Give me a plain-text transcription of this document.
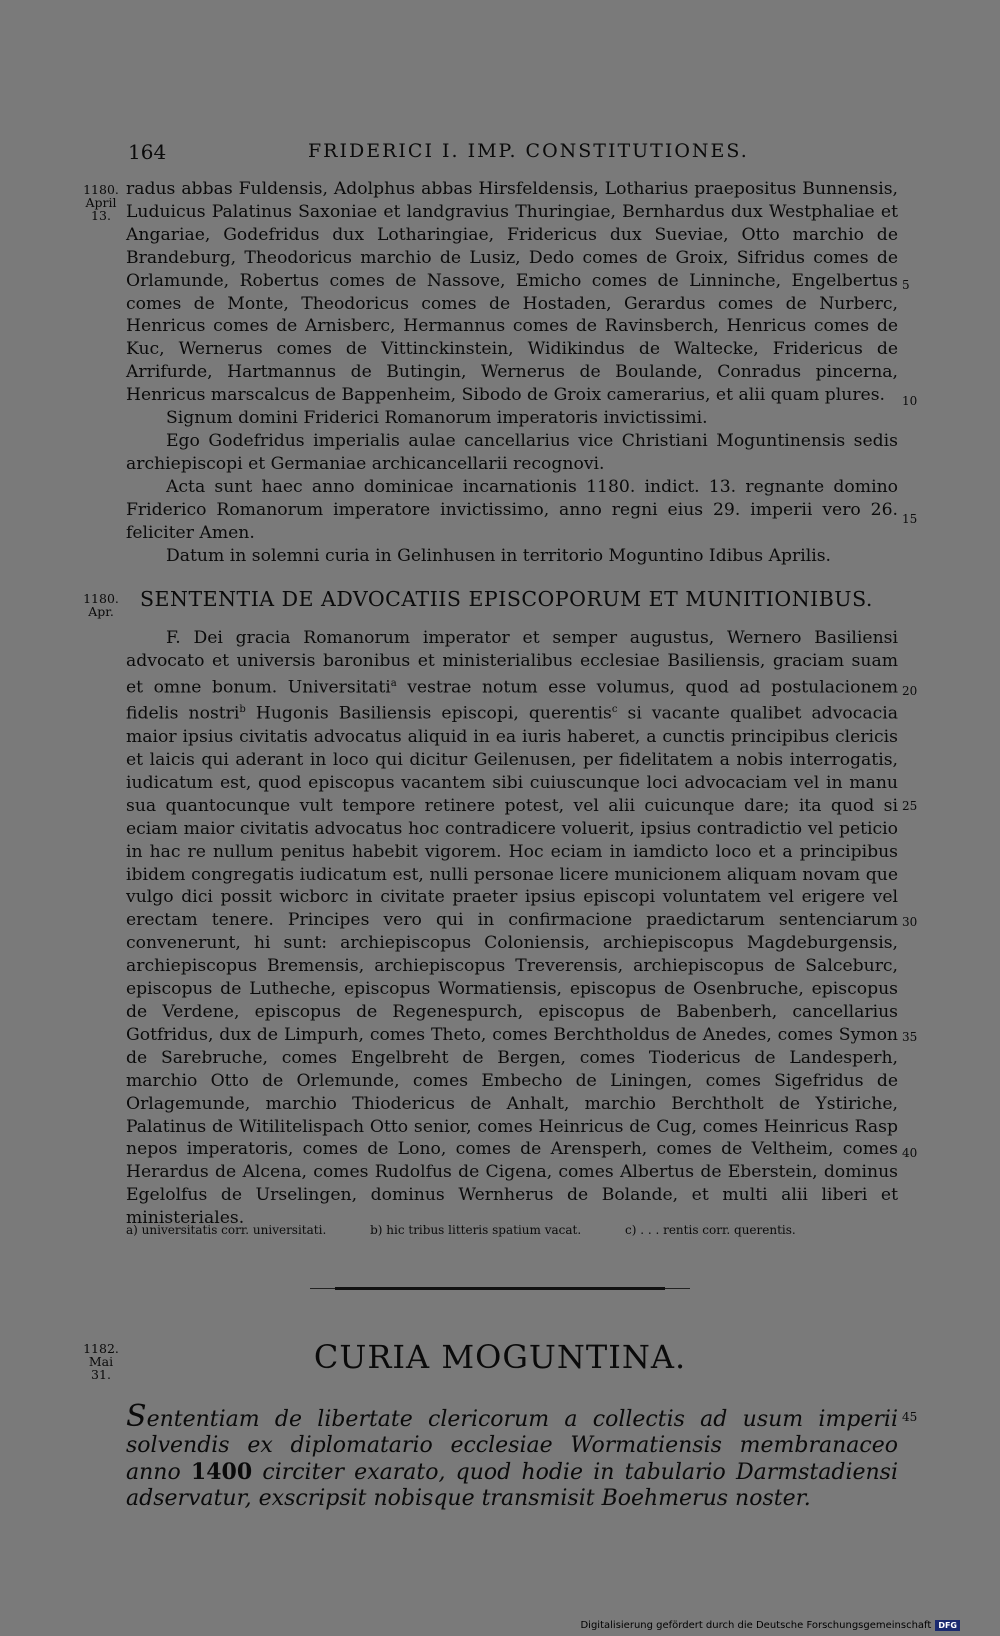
164	FRIDERICI I. IMP. CONSTITUTIONES.
1180.
April
13.
1180.
Apr.
1182.
Mai
31.
5
10
15
20
25
30
35
40
45

radus abbas Fuldensis, Adolphus abbas Hirsfeldensis, Lotharius praepositus Bunnensis, Luduicus Palatinus Saxoniae et landgravius Thuringiae, Bernhardus dux Westphaliae et Angariae, Godefridus dux Lotharingiae, Fridericus dux Sueviae, Otto marchio de Brandeburg, Theodoricus marchio de Lusiz, Dedo comes de Groix, Sifridus comes de Orlamunde, Robertus comes de Nassove, Emicho comes de Linninche, Engelbertus comes de Monte, Theodoricus comes de Hostaden, Gerardus comes de Nurberc, Henricus comes de Arnisberc, Hermannus comes de Ravinsberch, Henricus comes de Kuc, Wernerus comes de Vittinckinstein, Widikindus de Waltecke, Fridericus de Arrifurde, Hartmannus de Butingin, Wernerus de Boulande, Conradus pincerna, Henricus marscalcus de Bappenheim, Sibodo de Groix camerarius, et alii quam plures.

Signum domini Friderici Romanorum imperatoris invictissimi.

Ego Godefridus imperialis aulae cancellarius vice Christiani Moguntinensis sedis archiepiscopi et Germaniae archicancellarii recognovi.

Acta sunt haec anno dominicae incarnationis 1180. indict. 13. regnante domino Friderico Romanorum imperatore invictissimo, anno regni eius 29. imperii vero 26. feliciter Amen.

Datum in solemni curia in Gelinhusen in territorio Moguntino Idibus Aprilis.

SENTENTIA DE ADVOCATIIS EPISCOPORUM ET MUNITIONIBUS.

F. Dei gracia Romanorum imperator et semper augustus, Wernero Basiliensi advocato et universis baronibus et ministerialibus ecclesiae Basiliensis, graciam suam et omne bonum. Universitati$^a$ vestrae notum esse volumus, quod ad postulacionem fidelis nostri$^b$ Hugonis Basiliensis episcopi, querentis$^c$ si vacante qualibet advocacia maior ipsius civitatis advocatus aliquid in ea iuris haberet, a cunctis principibus clericis et laicis qui aderant in loco qui dicitur Geilenusen, per fidelitatem a nobis interrogatis, iudicatum est, quod episcopus vacantem sibi cuiuscunque loci advocaciam vel in manu sua quantocunque vult tempore retinere potest, vel alii cuicunque dare; ita quod si eciam maior civitatis advocatus hoc contradicere voluerit, ipsius contradictio vel peticio in hac re nullum penitus habebit vigorem. Hoc eciam in iamdicto loco et a principibus ibidem congregatis iudicatum est, nulli personae licere municionem aliquam novam que vulgo dici possit wicborc in civitate praeter ipsius episcopi voluntatem vel erigere vel erectam tenere. Principes vero qui in confirmacione praedictarum sentenciarum convenerunt, hi sunt: archiepiscopus Coloniensis, archiepiscopus Magdeburgensis, archiepiscopus Bremensis, archiepiscopus Treverensis, archiepiscopus de Salceburc, episcopus de Lutheche, episcopus Wormatiensis, episcopus de Osenbruche, episcopus de Verdene, episcopus de Regenespurch, episcopus de Babenberh, cancellarius Gotfridus, dux de Limpurh, comes Theto, comes Berchtholdus de Anedes, comes Symon de Sarebruche, comes Engelbreht de Bergen, comes Tiodericus de Landesperh, marchio Otto de Orlemunde, comes Embecho de Liningen, comes Sigefridus de Orlagemunde, marchio Thiodericus de Anhalt, marchio Berchtholt de Ystiriche, Palatinus de Witilitelispach Otto senior, comes Heinricus de Cug, comes Heinricus Rasp nepos imperatoris, comes de Lono, comes de Arensperh, comes de Veltheim, comes Herardus de Alcena, comes Rudolfus de Cigena, comes Albertus de Eberstein, dominus Egelolfus de Urselingen, dominus Wernherus de Bolande, et multi alii liberi et ministeriales.

a) universitatis corr. universitati.	b) hic tribus litteris spatium vacat.	c) . . . rentis corr. querentis.
CURIA MOGUNTINA.

Sententiam de libertate clericorum a collectis ad usum imperii solvendis ex diplomatario ecclesiae Wormatiensis membranaceo anno 1400 circiter exarato, quod hodie in tabulario Darmstadiensi adservatur, exscripsit nobisque transmisit Boehmerus noster.

Digitalisierung gefördert durch die Deutsche Forschungsgemeinschaft DFG
